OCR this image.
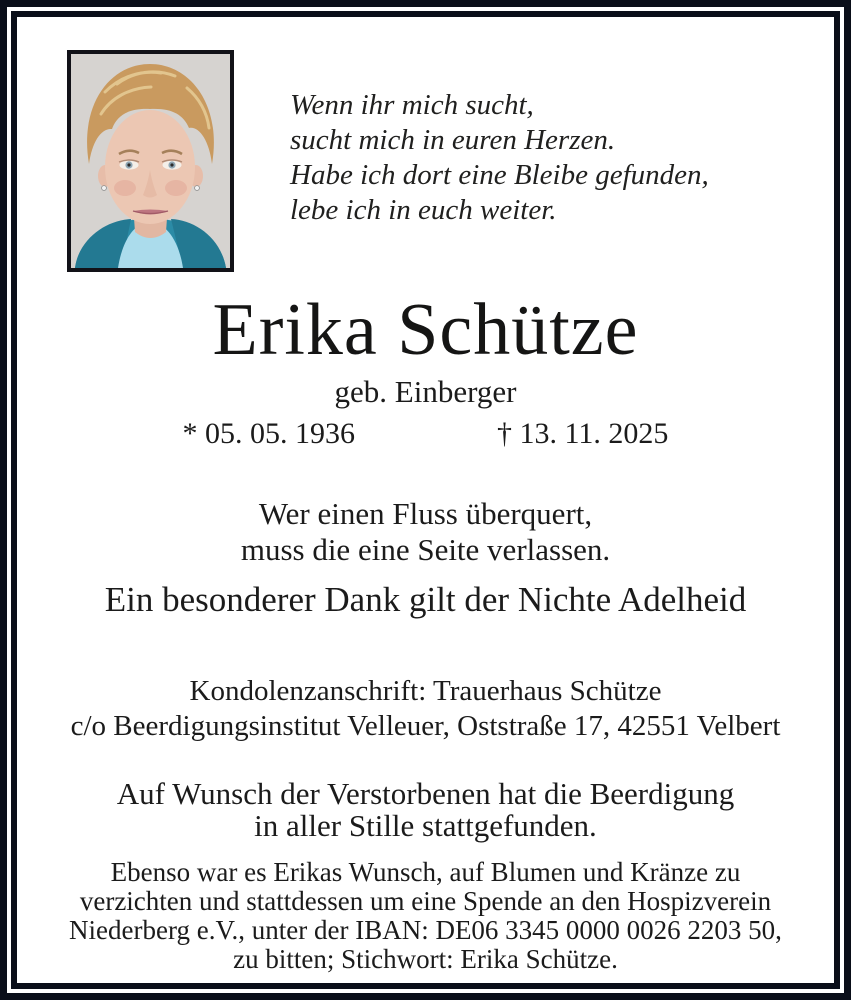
Wenn ihr mich sucht,
sucht mich in euren Herzen.
Habe ich dort eine Bleibe gefunden,
lebe ich in euch weiter.
Erika Schütze
geb. Einberger
* 05. 05. 1936	† 13. 11. 2025
Wer einen Fluss überquert,
muss die eine Seite verlassen.
Ein besonderer Dank gilt der Nichte Adelheid
Kondolenzanschrift: Trauerhaus Schütze
c/o Beerdigungsinstitut Velleuer, Oststraße 17, 42551 Velbert
Auf Wunsch der Verstorbenen hat die Beerdigung
in aller Stille stattgefunden.
Ebenso war es Erikas Wunsch, auf Blumen und Kränze zu
verzichten und stattdessen um eine Spende an den Hospizverein
Niederberg e.V., unter der IBAN: DE06 3345 0000 0026 2203 50,
zu bitten; Stichwort: Erika Schütze.
